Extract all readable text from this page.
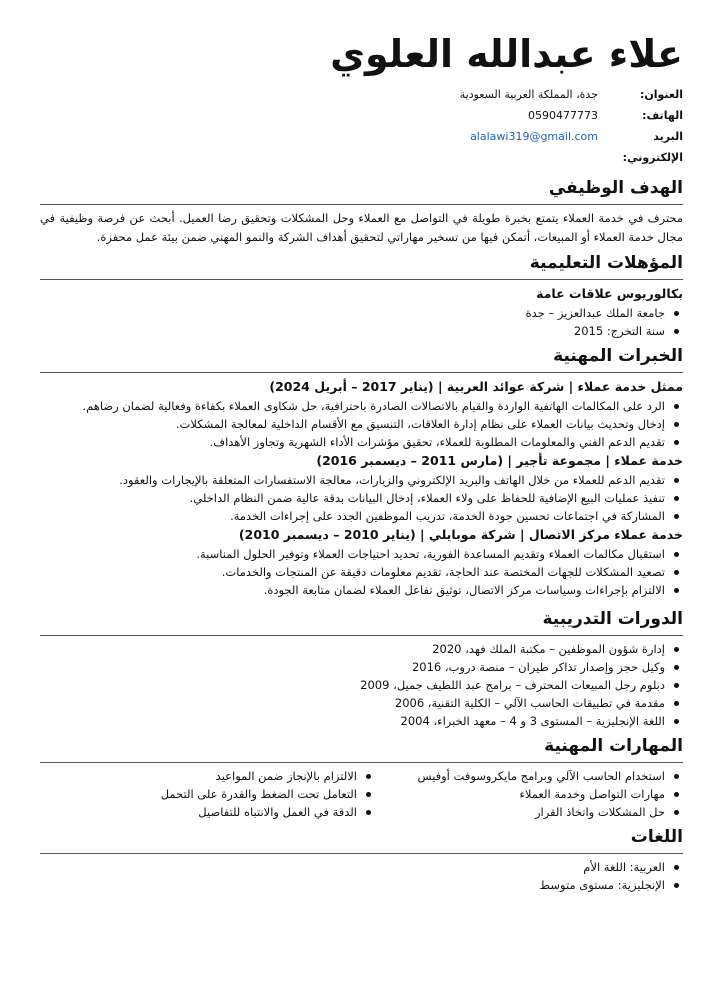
علاء عبدالله العلوي
العنوان:
جدة، المملكة العربية السعودية
الهاتف:
0590477773
البريد الإلكتروني:
alalawi319@gmail.com
الهدف الوظيفي

محترف في خدمة العملاء يتمتع بخبرة طويلة في التواصل مع العملاء وحل المشكلات وتحقيق رضا العميل. أبحث عن فرصة وظيفية في مجال خدمة العملاء أو المبيعات، أتمكن فيها من تسخير مهاراتي لتحقيق أهداف الشركة والنمو المهني ضمن بيئة عمل محفزة.

المؤهلات التعليمية

بكالوريوس علاقات عامة

جامعة الملك عبدالعزيز – جدة
سنة التخرج: 2015
الخبرات المهنية

ممثل خدمة عملاء | شركة عوائد العربية | (يناير 2017 – أبريل 2024)

الرد على المكالمات الهاتفية الواردة والقيام بالاتصالات الصادرة باحترافية، حل شكاوى العملاء بكفاءة وفعالية لضمان رضاهم.
إدخال وتحديث بيانات العملاء على نظام إدارة العلاقات، التنسيق مع الأقسام الداخلية لمعالجة المشكلات.
تقديم الدعم الفني والمعلومات المطلوبة للعملاء، تحقيق مؤشرات الأداء الشهرية وتجاوز الأهداف.

خدمة عملاء | مجموعة تأجير | (مارس 2011 – ديسمبر 2016)

تقديم الدعم للعملاء من خلال الهاتف والبريد الإلكتروني والزيارات، معالجة الاستفسارات المتعلقة بالإيجارات والعقود.
تنفيذ عمليات البيع الإضافية للحفاظ على ولاء العملاء، إدخال البيانات بدقة عالية ضمن النظام الداخلي.
المشاركة في اجتماعات تحسين جودة الخدمة، تدريب الموظفين الجدد على إجراءات الخدمة.

خدمة عملاء مركز الاتصال | شركة موبايلي | (يناير 2010 – ديسمبر 2010)

استقبال مكالمات العملاء وتقديم المساعدة الفورية، تحديد احتياجات العملاء وتوفير الحلول المناسبة.
تصعيد المشكلات للجهات المختصة عند الحاجة، تقديم معلومات دقيقة عن المنتجات والخدمات.
الالتزام بإجراءات وسياسات مركز الاتصال، توثيق تفاعل العملاء لضمان متابعة الجودة.
الدورات التدريبية
إدارة شؤون الموظفين – مكتبة الملك فهد، 2020
وكيل حجز وإصدار تذاكر طيران – منصة دروب، 2016
دبلوم رجل المبيعات المحترف – برامج عبد اللطيف جميل، 2009
مقدمة في تطبيقات الحاسب الآلي – الكلية التقنية، 2006
اللغة الإنجليزية – المستوى 3 و 4 – معهد الخبراء، 2004
المهارات المهنية
استخدام الحاسب الآلي وبرامج مايكروسوفت أوفيس
مهارات التواصل وخدمة العملاء
حل المشكلات واتخاذ القرار
الالتزام بالإنجاز ضمن المواعيد
التعامل تحت الضغط والقدرة على التحمل
الدقة في العمل والانتباه للتفاصيل
اللغات
العربية: اللغة الأم
الإنجليزية: مستوى متوسط
